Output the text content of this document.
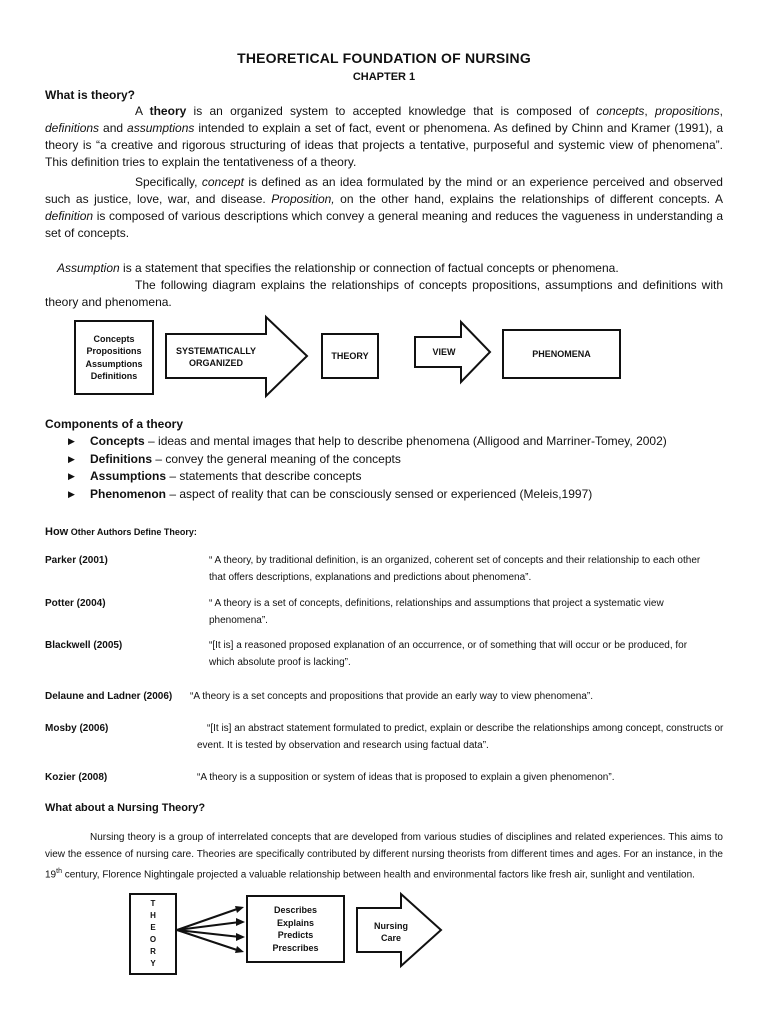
THEORETICAL FOUNDATION OF NURSING
CHAPTER 1
What is theory?

A theory is an organized system to accepted knowledge that is composed of concepts, propositions, definitions and assumptions intended to explain a set of fact, event or phenomena. As defined by Chinn and Kramer (1991), a theory is “a creative and rigorous structuring of ideas that projects a tentative, purposeful and systemic view of phenomena”. This definition tries to explain the tentativeness of a theory.

Specifically, concept is defined as an idea formulated by the mind or an experience perceived and observed such as justice, love, war, and disease. Proposition, on the other hand, explains the relationships of different concepts. A definition is composed of various descriptions which convey a general meaning and reduces the vagueness in understanding a set of concepts.

Assumption is a statement that specifies the relationship or connection of factual concepts or phenomena.

The following diagram explains the relationships of concepts propositions, assumptions and definitions with theory and phenomena.

Concepts
Propositions
Assumptions
Definitions
SYSTEMATICALLY
ORGANIZED
THEORY	VIEW	PHENOMENA
Components of a theory
▶ Concepts – ideas and mental images that help to describe phenomena (Alligood and Marriner-Tomey, 2002)
▶ Definitions – convey the general meaning of the concepts
▶ Assumptions – statements that describe concepts
▶ Phenomenon – aspect of reality that can be consciously sensed or experienced (Meleis,1997)
How Other Authors Define Theory:
Parker (2001)	“ A theory, by traditional definition, is an organized, coherent set of concepts and their relationship to each other that offers descriptions, explanations and predictions about phenomena”.
Potter (2004)	“ A theory is a set of concepts, definitions, relationships and assumptions that project a systematic view phenomena”.
Blackwell (2005)	“[It is] a reasoned proposed explanation of an occurrence, or of something that will occur or be produced, for which absolute proof is lacking”.
Delaune and Ladner (2006) “A theory is a set concepts and propositions that provide an early way to view phenomena”.
Mosby (2006)	“[It is] an abstract statement formulated to predict, explain or describe the relationships among concept, constructs or event. It is tested by observation and research using factual data”.
Kozier (2008)	“A theory is a supposition or system of ideas that is proposed to explain a given phenomenon”.
What about a Nursing Theory?

Nursing theory is a group of interrelated concepts that are developed from various studies of disciplines and related experiences. This aims to view the essence of nursing care. Theories are specifically contributed by different nursing theorists from different times and ages. For an instance, in the 19th century, Florence Nightingale projected a valuable relationship between health and environmental factors like fresh air, sunlight and ventilation.

T
H
E
O
R
Y
Describes
Explains
Predicts
Prescribes
Nursing
Care
